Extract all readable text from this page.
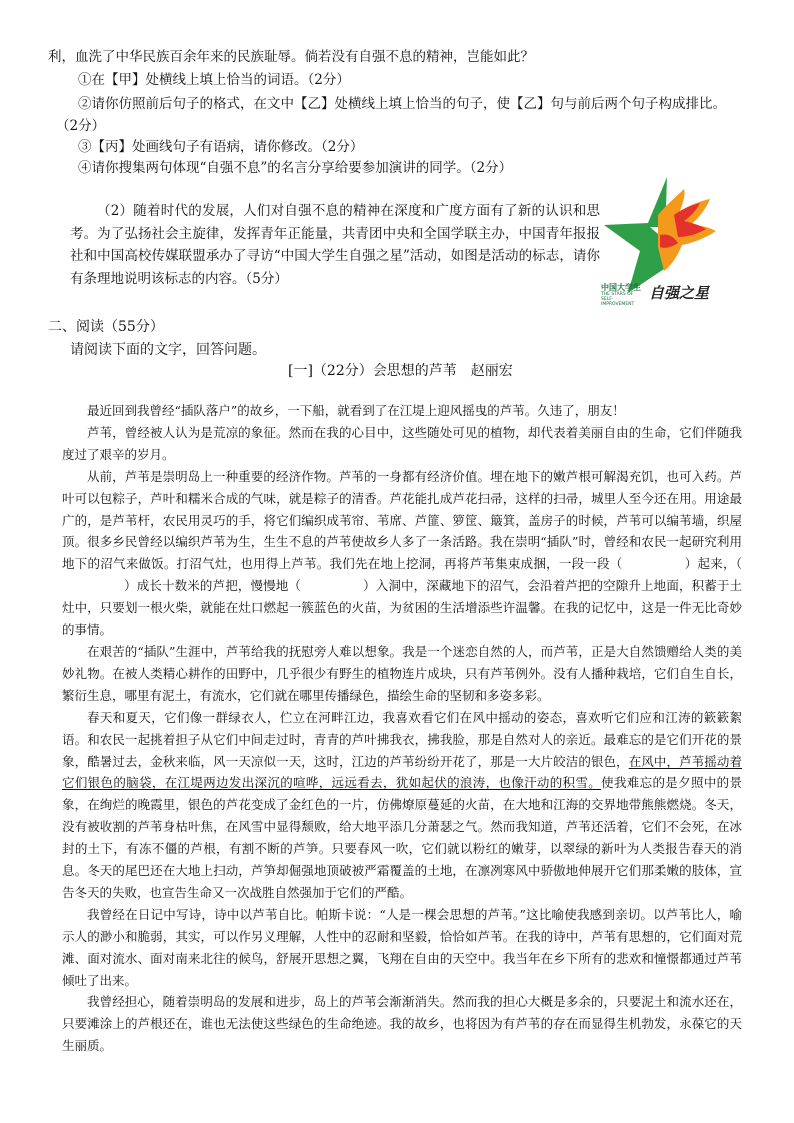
利，血洗了中华民族百余年来的民族耻辱。倘若没有自强不息的精神，岂能如此？
①在【甲】处横线上填上恰当的词语。（2分）
②请你仿照前后句子的格式，在文中【乙】处横线上填上恰当的句子，使【乙】句与前后两个句子构成排比。
（2分）
③【丙】处画线句子有语病，请你修改。（2分）
④请你搜集两句体现“自强不息”的名言分享给要参加演讲的同学。（2分）

（2）随着时代的发展，人们对自强不息的精神在深度和广度方面有了新的认识和思考。为了弘扬社会主旋律，发挥青年正能量，共青团中央和全国学联主办，中国青年报报社和中国高校传媒联盟承办了寻访“中国大学生自强之星”活动，如图是活动的标志，请你有条理地说明该标志的内容。（5分）

中国大学生
THE STARS OF SELF-IMPROVEMENT
自强之星
二、阅读（55分）
请阅读下面的文字，回答问题。
[一]（22分）会思想的芦苇　赵丽宏

最近回到我曾经“插队落户”的故乡，一下船，就看到了在江堤上迎风摇曳的芦苇。久违了，朋友！

芦苇，曾经被人认为是荒凉的象征。然而在我的心目中，这些随处可见的植物，却代表着美丽自由的生命，它们伴随我度过了艰辛的岁月。

从前，芦苇是崇明岛上一种重要的经济作物。芦苇的一身都有经济价值。埋在地下的嫩芦根可解渴充饥，也可入药。芦叶可以包粽子，芦叶和糯米合成的气味，就是粽子的清香。芦花能扎成芦花扫帚，这样的扫帚，城里人至今还在用。用途最广的，是芦苇杆，农民用灵巧的手，将它们编织成苇帘、苇席、芦篚、箩筐、簸箕，盖房子的时候，芦苇可以编苇墙，织屋顶。很多乡民曾经以编织芦苇为生，生生不息的芦苇使故乡人多了一条活路。我在崇明“插队”时，曾经和农民一起研究利用地下的沼气来做饭。打沼气灶，也用得上芦苇。我们先在地上挖洞，再将芦苇集束成捆，一段一段（	）起来，（）成长十数米的芦把，慢慢地（	）入洞中，深藏地下的沼气，会沿着芦把的空隙升上地面，积蓄于土灶中，只要划一根火柴，就能在灶口燃起一簇蓝色的火苗，为贫困的生活增添些许温馨。在我的记忆中，这是一件无比奇妙的事情。

在艰苦的“插队”生涯中，芦苇给我的抚慰旁人难以想象。我是一个迷恋自然的人，而芦苇，正是大自然馈赠给人类的美妙礼物。在被人类精心耕作的田野中，几乎很少有野生的植物连片成块，只有芦苇例外。没有人播种栽培，它们自生自长，繁衍生息，哪里有泥土，有流水，它们就在哪里传播绿色，描绘生命的坚韧和多姿多彩。

春天和夏天，它们像一群绿衣人，伫立在河畔江边，我喜欢看它们在风中摇动的姿态，喜欢听它们应和江涛的簌簌絮语。和农民一起挑着担子从它们中间走过时，青青的芦叶拂我衣，拂我脸，那是自然对人的亲近。最难忘的是它们开花的景象，酷暑过去，金秋来临，风一天凉似一天，这时，江边的芦苇纷纷开花了，那是一大片皎洁的银色，在风中，芦苇摇动着它们银色的脑袋，在江堤两边发出深沉的喧哗，远远看去，犹如起伏的浪涛，也像汗动的积雪。使我难忘的是夕照中的景象，在绚烂的晚霞里，银色的芦花变成了金红色的一片，仿佛燎原蔓延的火苗，在大地和江海的交界地带熊熊燃烧。冬天，没有被收割的芦苇身枯叶焦，在风雪中显得颓败，给大地平添几分萧瑟之气。然而我知道，芦苇还活着，它们不会死，在冰封的土下，有冻不僵的芦根，有割不断的芦笋。只要春风一吹，它们就以粉红的嫩芽，以翠绿的新叶为人类报告春天的消息。冬天的尾巴还在大地上扫动，芦笋却倔强地顶破被严霜覆盖的土地，在凛冽寒风中骄傲地伸展开它们那柔嫩的肢体，宣告冬天的失败，也宣告生命又一次战胜自然强加于它们的严酷。

我曾经在日记中写诗，诗中以芦苇自比。帕斯卡说：“人是一棵会思想的芦苇。”这比喻使我感到亲切。以芦苇比人，喻示人的渺小和脆弱，其实，可以作另义理解，人性中的忍耐和坚毅，恰恰如芦苇。在我的诗中，芦苇有思想的，它们面对荒滩、面对流水、面对南来北往的候鸟，舒展开思想之翼，飞翔在自由的天空中。我当年在乡下所有的悲欢和憧憬都通过芦苇倾吐了出来。

我曾经担心，随着崇明岛的发展和进步，岛上的芦苇会渐渐消失。然而我的担心大概是多余的，只要泥土和流水还在，只要滩涂上的芦根还在，谁也无法使这些绿色的生命绝迹。我的故乡，也将因为有芦苇的存在而显得生机勃发，永葆它的天生丽质。
